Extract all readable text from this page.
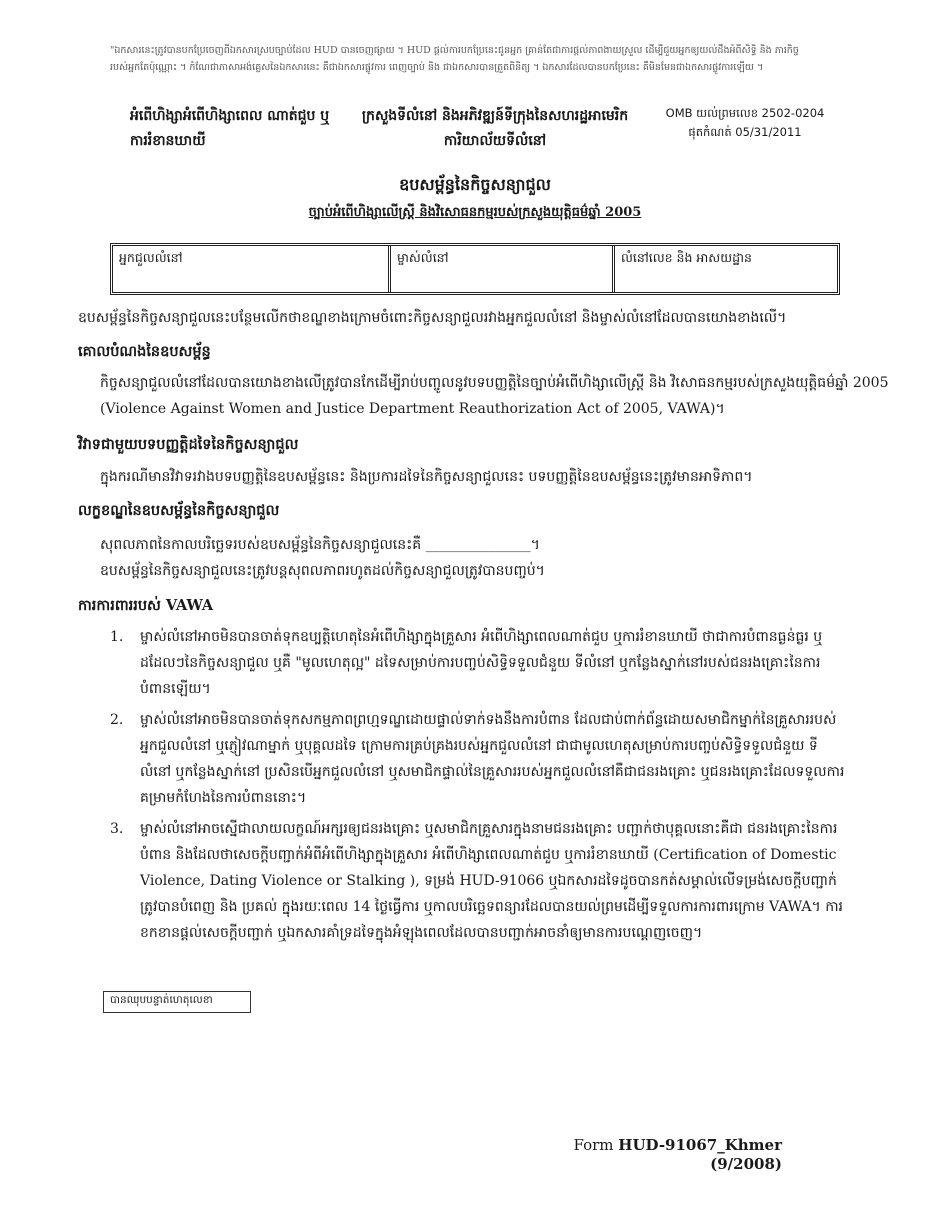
"ឯកសារនេះត្រូវបានបកប្រែចេញពីឯកសារស្របច្បាប់ដែល HUD បានចេញផ្សាយ ។ HUD ផ្តល់ការបកប្រែនេះជូនអ្នក គ្រាន់តែជាការផ្តល់ភាពងាយស្រួល ដើម្បីជួយអ្នកឲ្យយល់ដឹងអំពីសិទ្ធិ និង ភារកិច្ចរបស់អ្នកតែប៉ុណ្ណោះ ។ កំណែជាភាសាអង់គ្លេសនៃឯកសារនេះ គឺជាឯកសារផ្លូវការ ពេញច្បាប់ និង ជាឯកសារបានត្រួតពិនិត្យ ។ ឯកសារដែលបានបកប្រែនេះ គឺមិនមែនជាឯកសារផ្លូវការឡើយ ។
អំពើហិង្សាអំពើហិង្សាពេល ណាត់ជួប ឬការរំខានឃាយី
ក្រសួងទីលំនៅ និងអភិវឌ្ឍន៍ទីក្រុងនៃសហរដ្ឋអាមេរិក
ការិយាល័យទីលំនៅ
OMB យល់ព្រមលេខ 2502-0204
ផុតកំណត់ 05/31/2011
ឧបសម្ព័ន្ធនៃកិច្ចសន្យាជួល
ច្បាប់អំពើហិង្សាលើស្ត្រី និងវិសោធនកម្មរបស់ក្រសួងយុត្តិធម៌ឆ្នាំ 2005
អ្នកជួលលំនៅ	ម្ចាស់លំនៅ	លំនៅលេខ និង អាសយដ្ឋាន
ឧបសម្ព័ន្ធនៃកិច្ចសន្យាជួលនេះបន្ថែមលើកថាខណ្ឌខាងក្រោមចំពោះកិច្ចសន្យាជួលរវាងអ្នកជួលលំនៅ និងម្ចាស់លំនៅដែលបានយោងខាងលើ។
គោលបំណងនៃឧបសម្ព័ន្ធ
កិច្ចសន្យាជួលលំនៅដែលបានយោងខាងលើត្រូវបានកែដើម្បីរាប់បញ្ចូលនូវបទបញ្ញត្តិនៃច្បាប់អំពើហិង្សាលើស្ត្រី និង វិសោធនកម្មរបស់ក្រសួងយុត្តិធម៌ឆ្នាំ 2005 (Violence Against Women and Justice Department Reauthorization Act of 2005, VAWA)។
វិវាទជាមួយបទបញ្ញត្តិដទៃនៃកិច្ចសន្យាជួល
ក្នុងករណីមានវិវាទរវាងបទបញ្ញត្តិនៃឧបសម្ព័ន្ធនេះ និងប្រការដទៃនៃកិច្ចសន្យាជួលនេះ បទបញ្ញត្តិនៃឧបសម្ព័ន្ធនេះត្រូវមានអាទិភាព។
លក្ខខណ្ឌនៃឧបសម្ព័ន្ធនៃកិច្ចសន្យាជួល
សុពលភាពនៃកាលបរិច្ឆេទរបស់ឧបសម្ព័ន្ធនៃកិច្ចសន្យាជួលនេះគឺ _______________។
ឧបសម្ព័ន្ធនៃកិច្ចសន្យាជួលនេះត្រូវបន្តសុពលភាពរហូតដល់កិច្ចសន្យាជួលត្រូវបានបញ្ចប់។
ការការពាររបស់ VAWA
1.	ម្ចាស់លំនៅអាចមិនបានចាត់ទុកឧប្បត្តិហេតុនៃអំពើហិង្សាក្នុងគ្រួសារ អំពើហិង្សាពេលណាត់ជួប ឬការរំខានឃាយី ថាជាការបំពានធ្ងន់ធ្ងរ ឬដដែលៗនៃកិច្ចសន្យាជួល ឬគឺ "មូលហេតុល្អ" ដទៃសម្រាប់ការបញ្ចប់សិទ្ធិទទួលជំនួយ ទីលំនៅ ឬកន្លែងស្នាក់នៅរបស់ជនរងគ្រោះនៃការបំពានឡើយ។
2.	ម្ចាស់លំនៅអាចមិនបានចាត់ទុកសកម្មភាពព្រហ្មទណ្ឌដោយផ្ទាល់ទាក់ទងនឹងការបំពាន ដែលជាប់ពាក់ព័ន្ធដោយសមាជិកម្នាក់នៃគ្រួសាររបស់អ្នកជួលលំនៅ ឬភ្ញៀវណាម្នាក់ ឬបុគ្គលដទៃ ក្រោមការគ្រប់គ្រងរបស់អ្នកជួលលំនៅ ជាជាមូលហេតុសម្រាប់ការបញ្ចប់សិទ្ធិទទួលជំនួយ ទីលំនៅ ឬកន្លែងស្នាក់នៅ ប្រសិនបើអ្នកជួលលំនៅ ឬសមាជិកផ្ទាល់នៃគ្រួសាររបស់អ្នកជួលលំនៅគឺជាជនរងគ្រោះ ឬជនរងគ្រោះដែលទទួលការគម្រាមកំហែងនៃការបំពាននោះ។
3.	ម្ចាស់លំនៅអាចស្នើជាលាយលក្ខណ៍អក្សរឲ្យជនរងគ្រោះ ឬសមាជិកគ្រួសារក្នុងនាមជនរងគ្រោះ បញ្ជាក់ថាបុគ្គលនោះគឺជា ជនរងគ្រោះនៃការបំពាន និងដែលថាសេចក្តីបញ្ជាក់អំពីអំពើហិង្សាក្នុងគ្រួសារ អំពើហិង្សាពេលណាត់ជួប ឬការរំខានឃាយី (Certification of Domestic Violence, Dating Violence or Stalking ), ទម្រង់ HUD-91066 ឬឯកសារដទៃដូចបានកត់សម្គាល់លើទម្រង់សេចក្តីបញ្ជាក់ ត្រូវបានបំពេញ និង ប្រគល់ ក្នុងរយៈពេល 14 ថ្ងៃធ្វើការ ឬកាលបរិច្ឆេទពន្យារដែលបានយល់ព្រមដើម្បីទទួលការការពារក្រោម VAWA។ ការខកខានផ្តល់សេចក្តីបញ្ជាក់ ឬឯកសារគាំទ្រដទៃក្នុងអំឡុងពេលដែលបានបញ្ជាក់អាចនាំឲ្យមានការបណ្តេញចេញ។
បានឈុបបន្ទាត់ហេតុលេខា
Form HUD-91067_Khmer
(9/2008)
